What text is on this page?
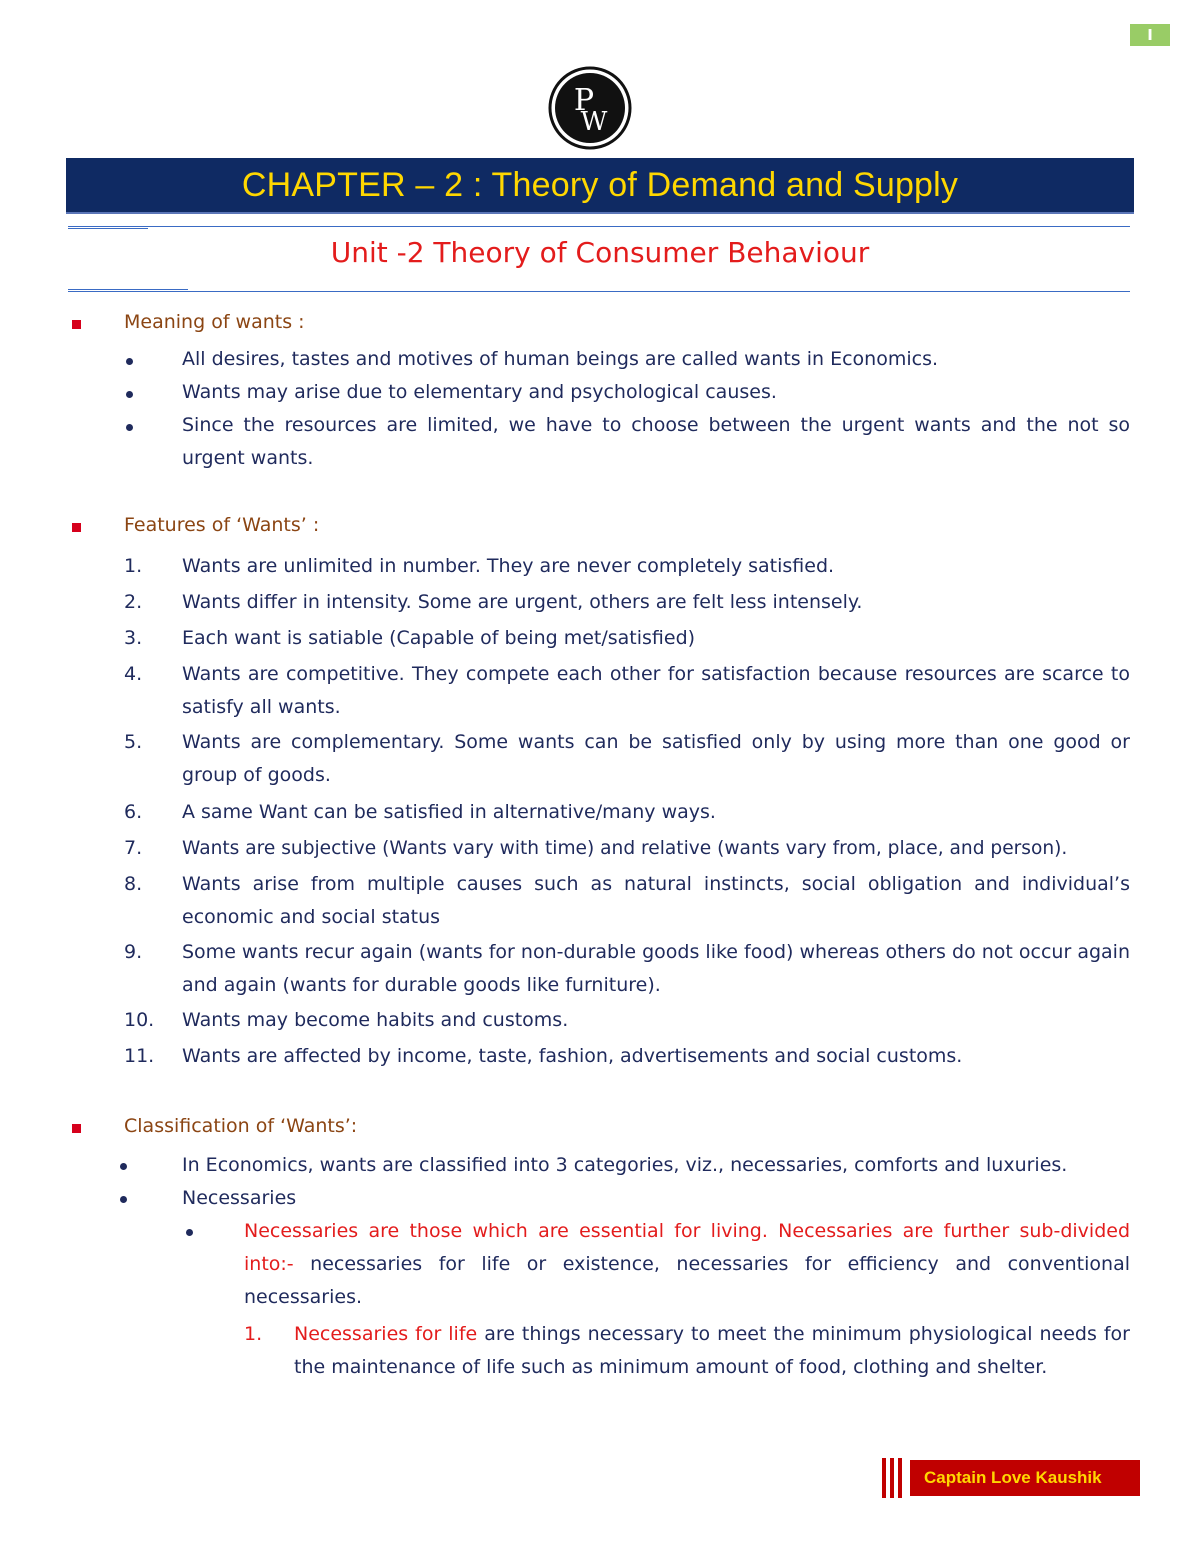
I
P
W
CHAPTER – 2 : Theory of Demand and Supply
Unit -2 Theory of Consumer Behaviour
Meaning of wants :
All desires, tastes and motives of human beings are called wants in Economics.
Wants may arise due to elementary and psychological causes.
Since the resources are limited, we have to choose between the urgent wants and the not so urgent wants.
Features of ‘Wants’ :
1. Wants are unlimited in number. They are never completely satisfied.
2. Wants differ in intensity. Some are urgent, others are felt less intensely.
3. Each want is satiable (Capable of being met/satisfied)
4. Wants are competitive. They compete each other for satisfaction because resources are scarce to satisfy all wants.
5. Wants are complementary. Some wants can be satisfied only by using more than one good or group of goods.
6. A same Want can be satisfied in alternative/many ways.
7. Wants are subjective (Wants vary with time) and relative (wants vary from, place, and person).
8. Wants arise from multiple causes such as natural instincts, social obligation and individual’s economic and social status
9. Some wants recur again (wants for non-durable goods like food) whereas others do not occur again and again (wants for durable goods like furniture).
10. Wants may become habits and customs.
11. Wants are affected by income, taste, fashion, advertisements and social customs.
Classification of ‘Wants’:
In Economics, wants are classified into 3 categories, viz., necessaries, comforts and luxuries.
Necessaries
Necessaries are those which are essential for living. Necessaries are further sub-divided into:- necessaries for life or existence, necessaries for efficiency and conventional necessaries.
1. Necessaries for life are things necessary to meet the minimum physiological needs for the maintenance of life such as minimum amount of food, clothing and shelter.
Captain Love Kaushik
